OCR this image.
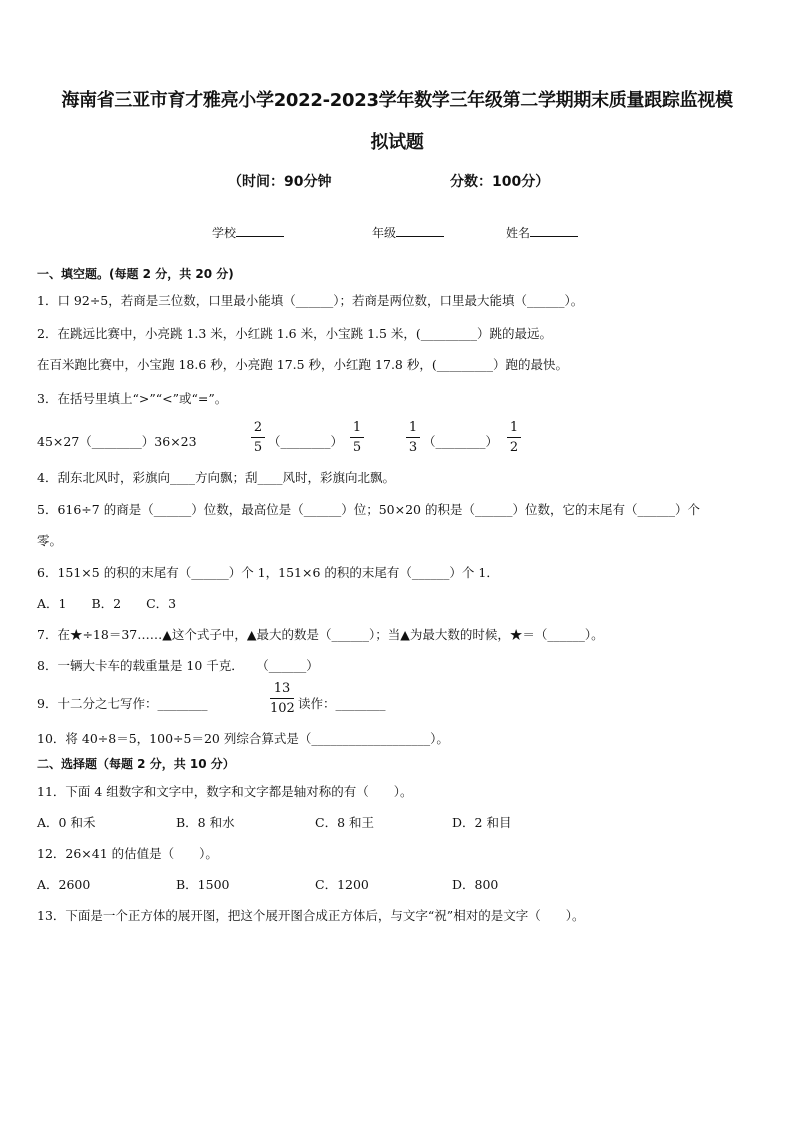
海南省三亚市育才雅亮小学2022-2023学年数学三年级第二学期期末质量跟踪监视模
拟试题
（时间：90分钟	分数：100分）
学校	年级	姓名
一、填空题。(每题 2 分，共 20 分)
1．口 92÷5，若商是三位数，口里最小能填（______）；若商是两位数，口里最大能填（______）。
2．在跳远比赛中，小亮跳 1.3 米，小红跳 1.6 米，小宝跳 1.5 米，(_________）跳的最远。
在百米跑比赛中，小宝跑 18.6 秒，小亮跑 17.5 秒，小红跑 17.8 秒，(_________）跑的最快。
3．在括号里填上“>”“<”或“=”。
45×27（________）36×23
2
5 （________）
1
5
1
3 （________）
1
2
4．刮东北风时，彩旗向____方向飘；刮____风时，彩旗向北飘。
5．616÷7 的商是（______）位数，最高位是（______）位；50×20 的积是（______）位数，它的末尾有（______）个
零。
6．151×5 的积的末尾有（______）个 1，151×6 的积的末尾有（______）个 1．
A．1　　B．2　　C．3
7．在★÷18＝37……▲这个式子中，▲最大的数是（______）；当▲为最大数的时候，★＝（______）。
8．一辆大卡车的载重量是 10 千克．　　（______）
9．十二分之七写作：________
13
102 读作：________
10．将 40÷8＝5，100÷5＝20 列综合算式是（___________________）。
二、选择题（每题 2 分，共 10 分）
11．下面 4 组数字和文字中，数字和文字都是轴对称的有（　　）。
A．0 和禾	B．8 和水	C．8 和王	D．2 和目
12．26×41 的估值是（　　）。
A．2600	B．1500	C．1200	D．800
13．下面是一个正方体的展开图，把这个展开图合成正方体后，与文字“祝”相对的是文字（　　）。
